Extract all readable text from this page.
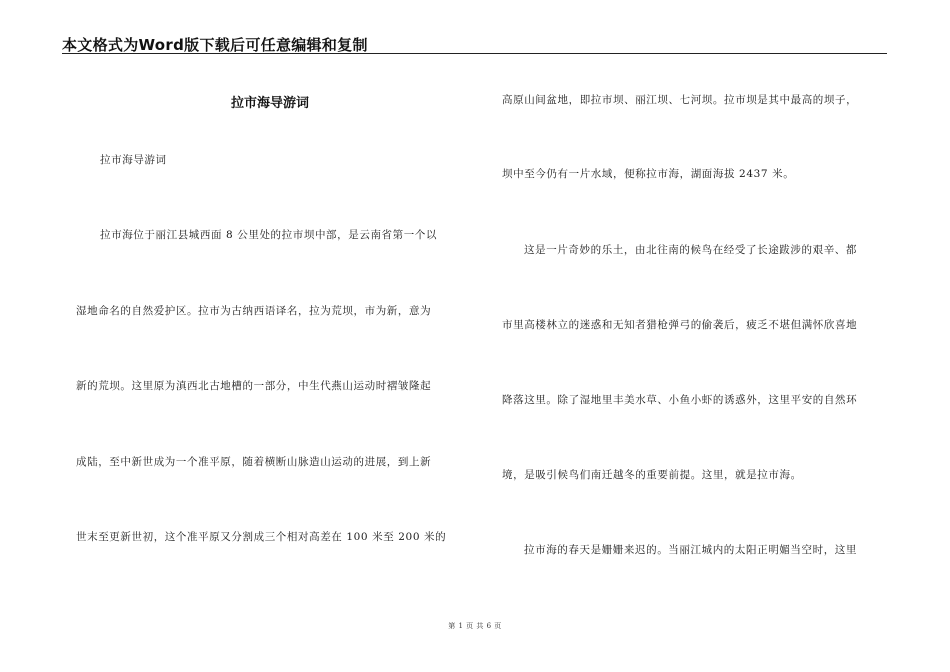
本文格式为Word版下载后可任意编辑和复制
拉市海导游词
拉市海导游词
拉市海位于丽江县城西面 8 公里处的拉市坝中部，是云南省第一个以
湿地命名的自然爱护区。拉市为古纳西语译名，拉为荒坝，市为新，意为
新的荒坝。这里原为滇西北古地槽的一部分，中生代燕山运动时褶皱隆起
成陆，至中新世成为一个准平原，随着横断山脉造山运动的进展，到上新
世末至更新世初，这个准平原又分割成三个相对高差在 100 米至 200 米的
高原山间盆地，即拉市坝、丽江坝、七河坝。拉市坝是其中最高的坝子，
坝中至今仍有一片水域，便称拉市海，湖面海拔 2437 米。
这是一片奇妙的乐土，由北往南的候鸟在经受了长途跋涉的艰辛、都
市里高楼林立的迷惑和无知者猎枪弹弓的偷袭后，疲乏不堪但满怀欣喜地
降落这里。除了湿地里丰美水草、小鱼小虾的诱惑外，这里平安的自然环
境，是吸引候鸟们南迁越冬的重要前提。这里，就是拉市海。
拉市海的春天是姗姗来迟的。当丽江城内的太阳正明媚当空时，这里
第 1 页 共 6 页
